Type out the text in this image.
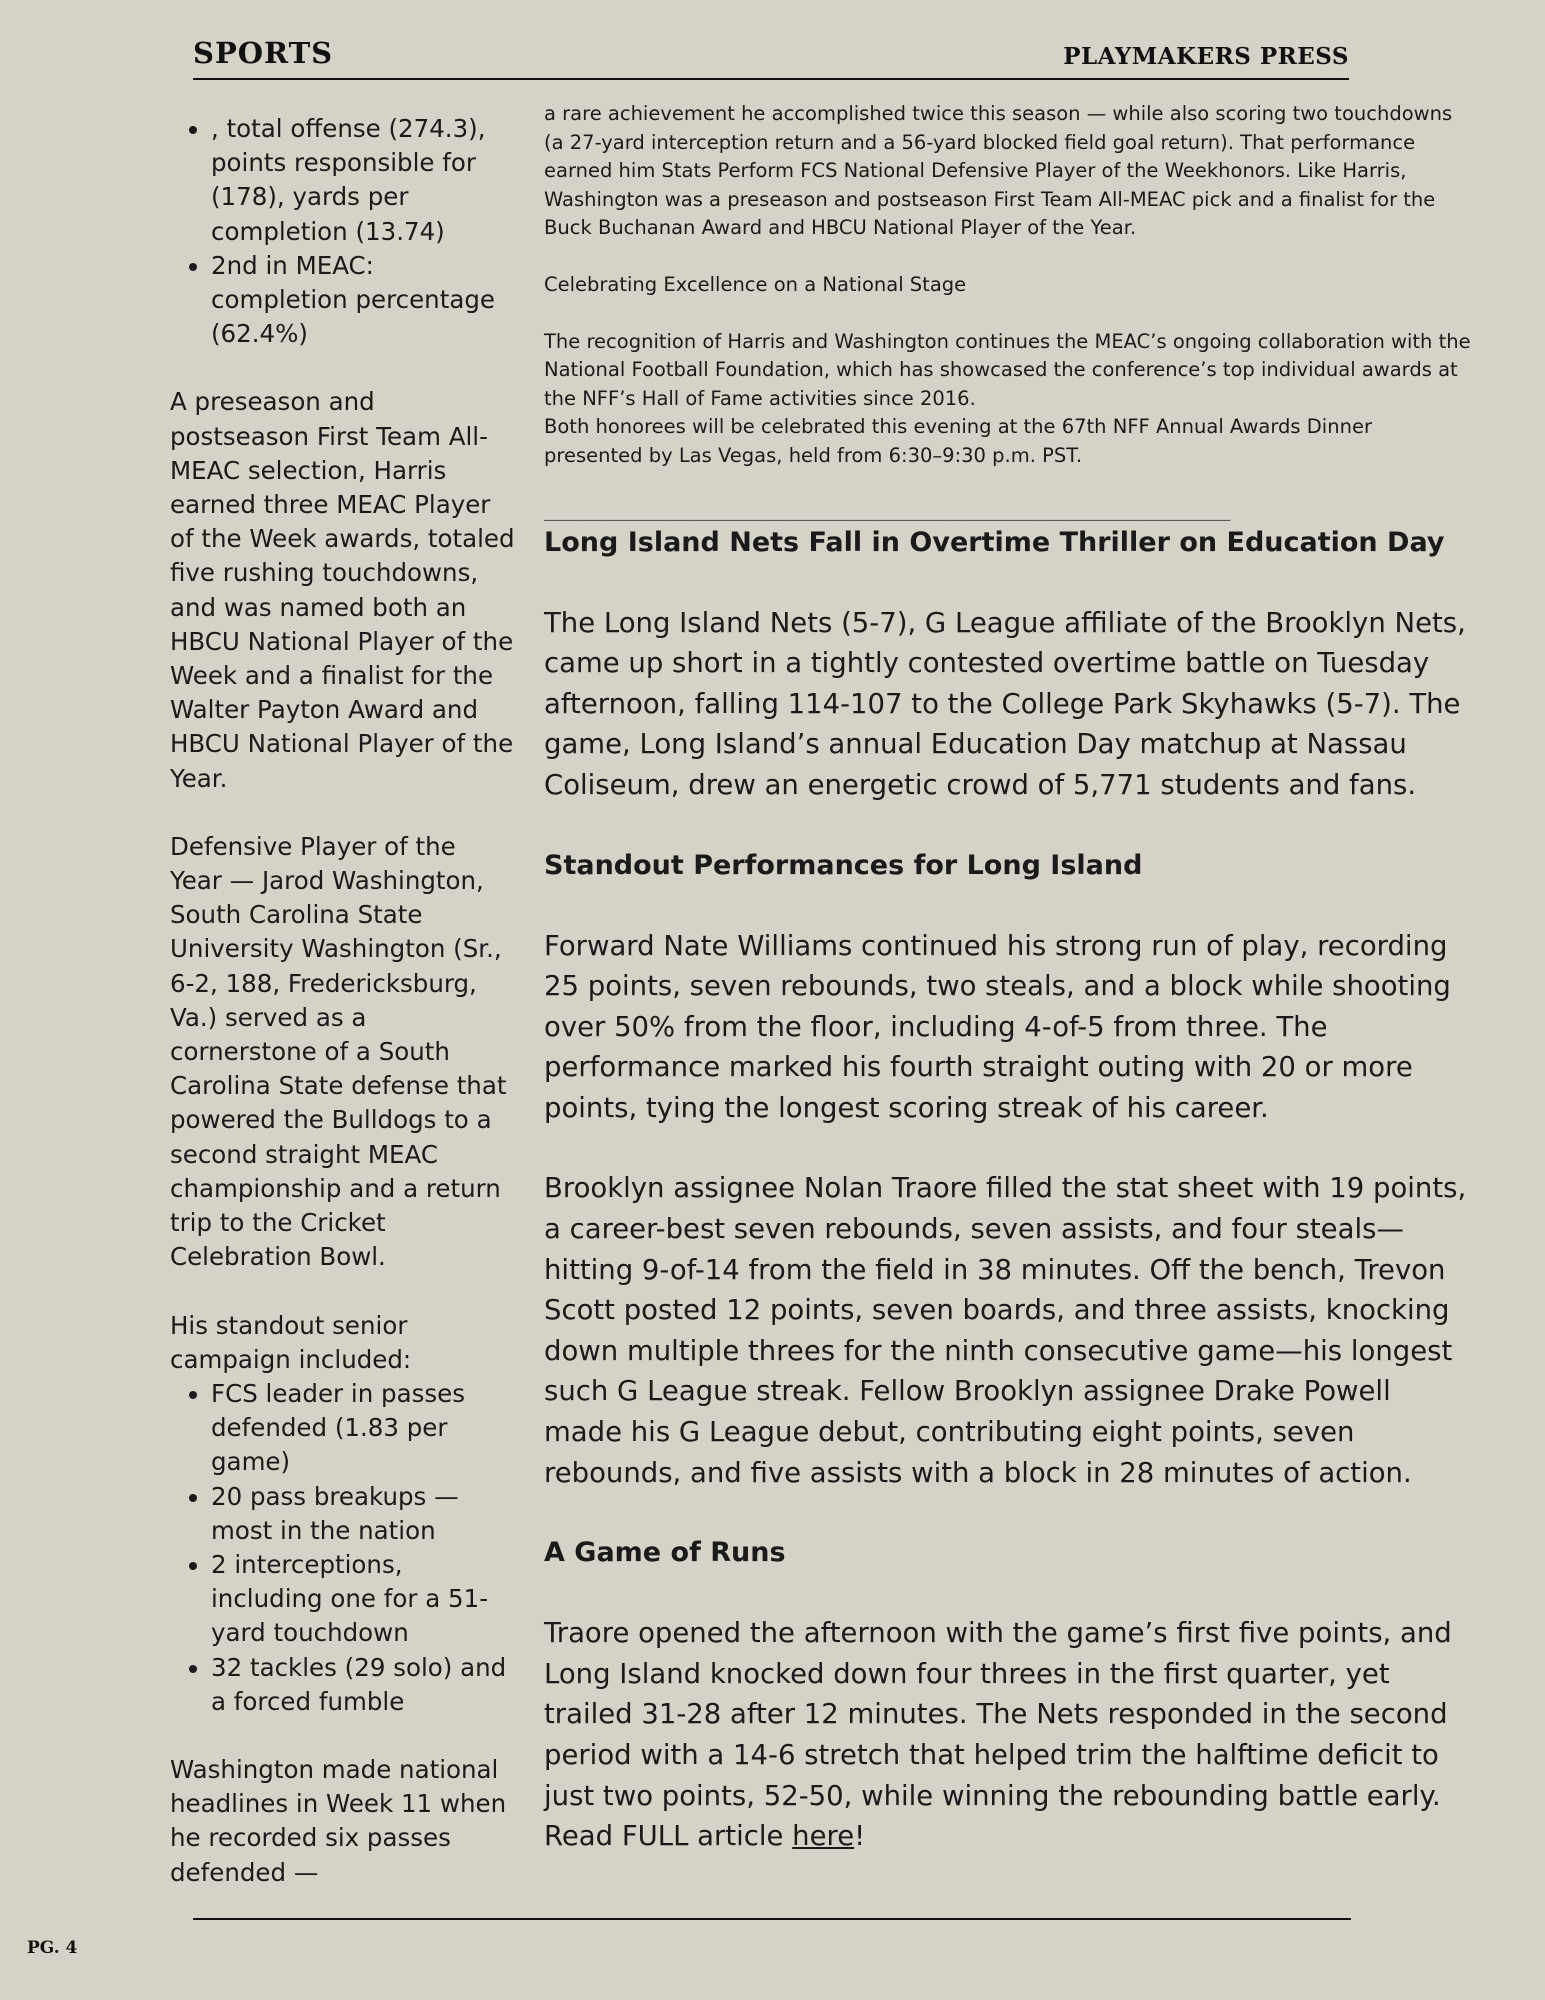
SPORTS	PLAYMAKERS PRESS
• , total offense (274.3), points responsible for (178), yards per completion (13.74)
• 2nd in MEAC: completion percentage (62.4%)

A preseason and postseason First Team All-MEAC selection, Harris earned three MEAC Player of the Week awards, totaled five rushing touchdowns, and was named both an HBCU National Player of the Week and a finalist for the Walter Payton Award and HBCU National Player of the Year.

Defensive Player of the Year — Jarod Washington, South Carolina State University Washington (Sr., 6-2, 188, Fredericksburg, Va.) served as a cornerstone of a South Carolina State defense that powered the Bulldogs to a second straight MEAC championship and a return trip to the Cricket Celebration Bowl.

His standout senior campaign included:

• FCS leader in passes defended (1.83 per game)
• 20 pass breakups — most in the nation
• 2 interceptions, including one for a 51-yard touchdown
• 32 tackles (29 solo) and a forced fumble

Washington made national headlines in Week 11 when he recorded six passes defended —

a rare achievement he accomplished twice this season — while also scoring two touchdowns (a 27-yard interception return and a 56-yard blocked field goal return). That performance earned him Stats Perform FCS National Defensive Player of the Weekhonors. Like Harris, Washington was a preseason and postseason First Team All-MEAC pick and a finalist for the Buck Buchanan Award and HBCU National Player of the Year.

Celebrating Excellence on a National Stage

The recognition of Harris and Washington continues the MEAC’s ongoing collaboration with the National Football Foundation, which has showcased the conference’s top individual awards at the NFF’s Hall of Fame activities since 2016.

Both honorees will be celebrated this evening at the 67th NFF Annual Awards Dinner presented by Las Vegas, held from 6:30–9:30 p.m. PST.

____________________________________________________________
Long Island Nets Fall in Overtime Thriller on Education Day

The Long Island Nets (5-7), G League affiliate of the Brooklyn Nets, came up short in a tightly contested overtime battle on Tuesday afternoon, falling 114-107 to the College Park Skyhawks (5-7). The game, Long Island’s annual Education Day matchup at Nassau Coliseum, drew an energetic crowd of 5,771 students and fans.

Standout Performances for Long Island

Forward Nate Williams continued his strong run of play, recording 25 points, seven rebounds, two steals, and a block while shooting over 50% from the floor, including 4-of-5 from three. The performance marked his fourth straight outing with 20 or more points, tying the longest scoring streak of his career.

Brooklyn assignee Nolan Traore filled the stat sheet with 19 points, a career-best seven rebounds, seven assists, and four steals—hitting 9-of-14 from the field in 38 minutes. Off the bench, Trevon Scott posted 12 points, seven boards, and three assists, knocking down multiple threes for the ninth consecutive game—his longest such G League streak. Fellow Brooklyn assignee Drake Powell made his G League debut, contributing eight points, seven rebounds, and five assists with a block in 28 minutes of action.

A Game of Runs

Traore opened the afternoon with the game’s first five points, and Long Island knocked down four threes in the first quarter, yet trailed 31-28 after 12 minutes. The Nets responded in the second period with a 14-6 stretch that helped trim the halftime deficit to just two points, 52-50, while winning the rebounding battle early.
Read FULL article here!

PG. 4
